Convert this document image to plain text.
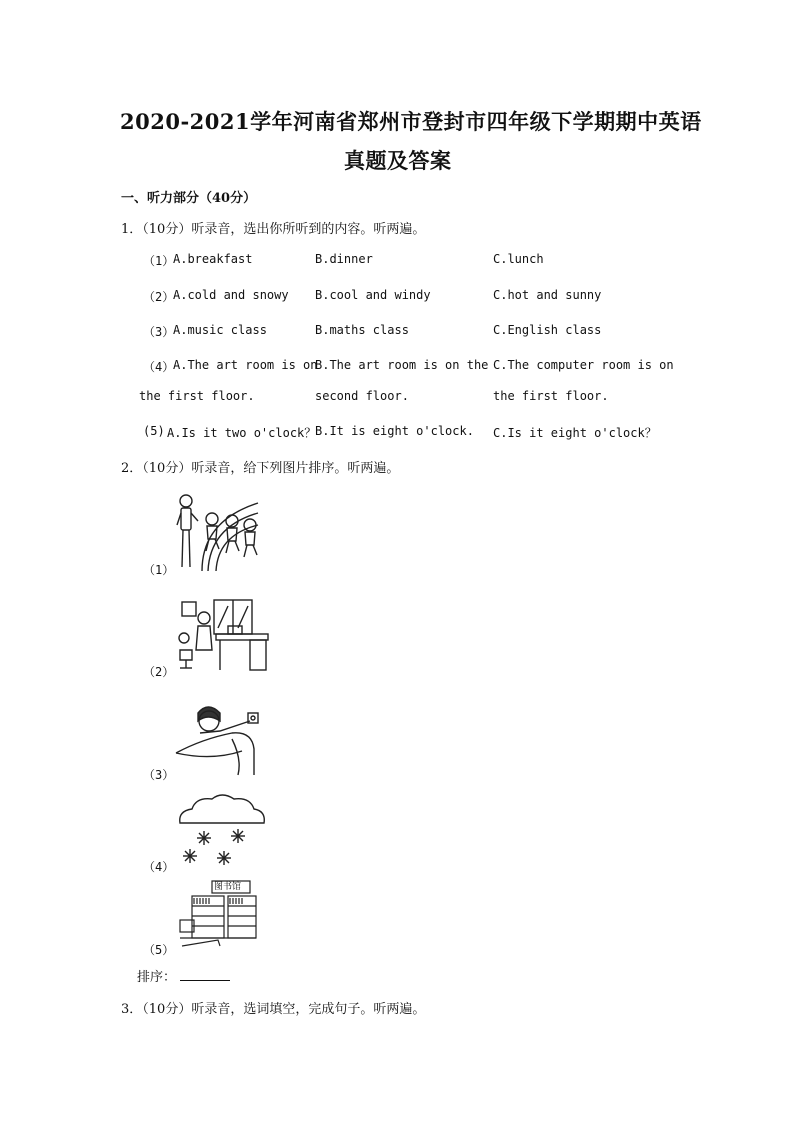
2020-2021学年河南省郑州市登封市四年级下学期期中英语
真题及答案
一、听力部分（40分）
1．（10分）听录音，选出你所听到的内容。听两遍。
（1）
A.breakfast	B.dinner	C.lunch
（2）
A.cold and snowy B.cool and windy	C.hot and sunny
（3）
A.music class	B.maths class	C.English class
（4）
A.The art room is on
B.The art room is on the C.The computer room is on
the first floor.	second floor.	the first floor.
(5) A.Is it two o'clock？
B.It is eight o'clock. C.Is it eight o'clock？
2．（10分）听录音，给下列图片排序。听两遍。
（1）
（2）
（3）
（4）
图书馆
（5）
排序：
3．（10分）听录音，选词填空，完成句子。听两遍。
